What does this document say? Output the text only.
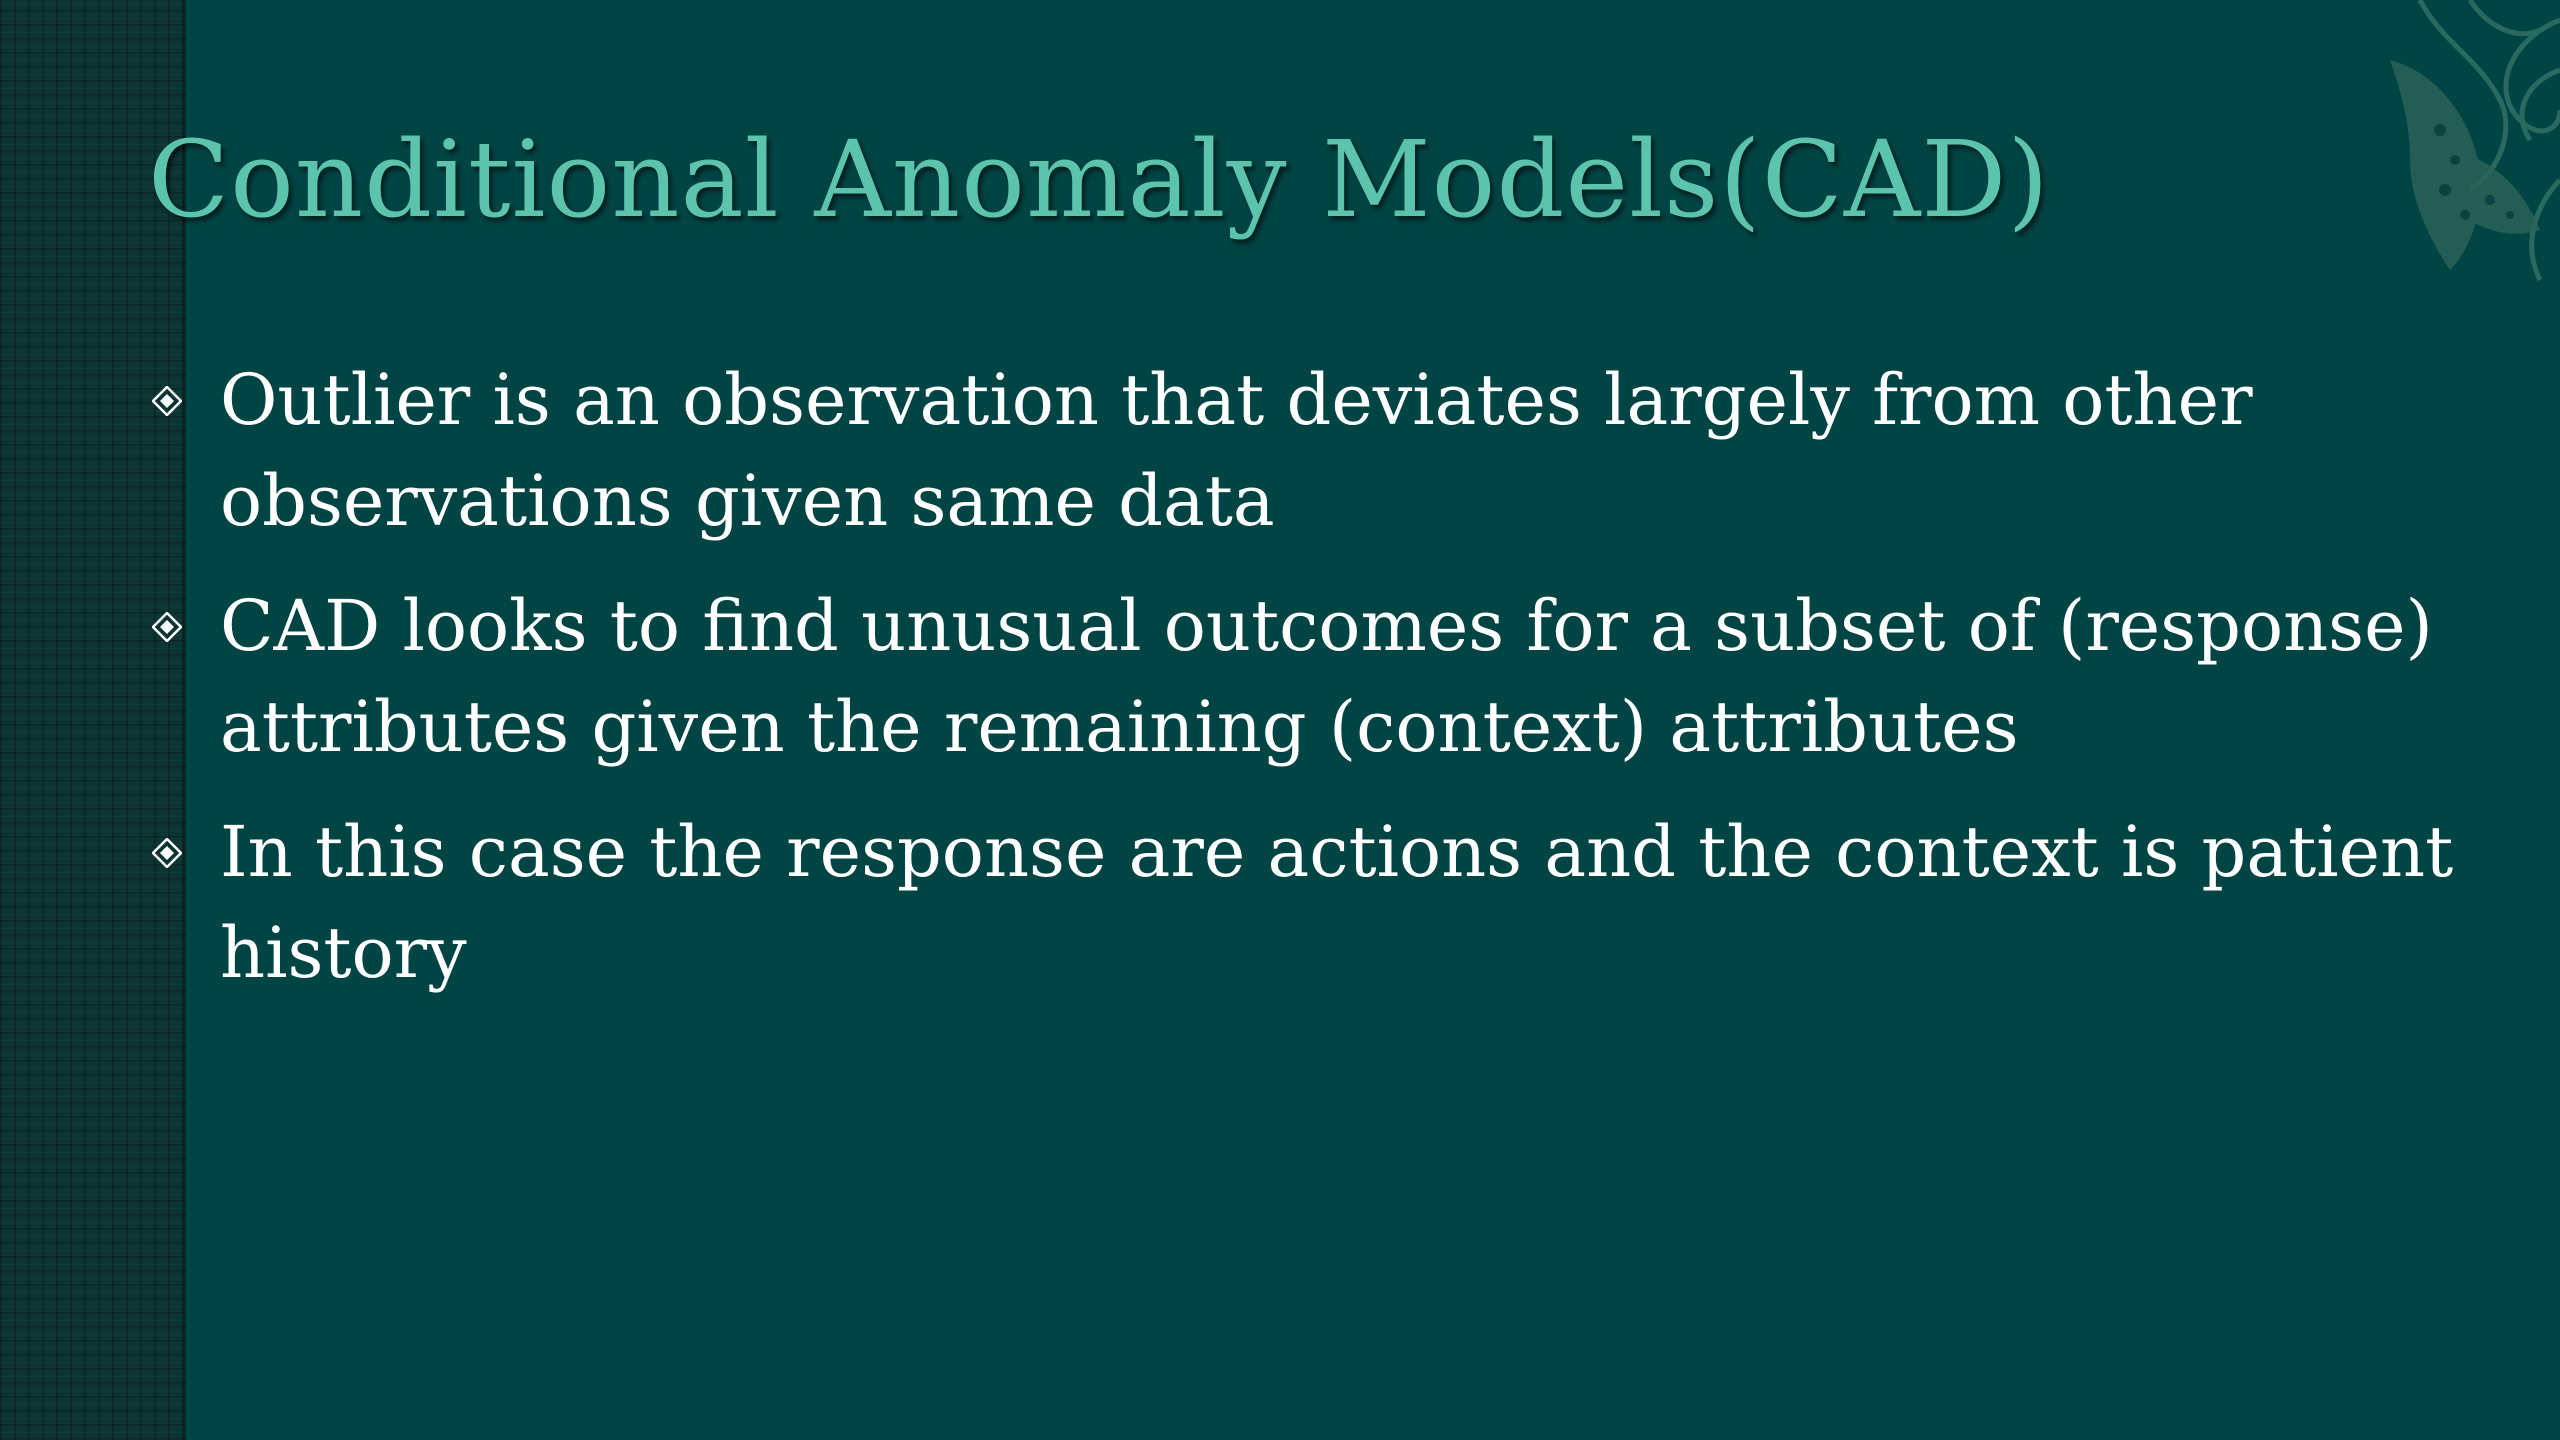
Conditional Anomaly Models(CAD)
Outlier is an observation that deviates largely from other observations given same data
CAD looks to find unusual outcomes for a subset of (response) attributes given the remaining (context) attributes
In this case the response are actions and the context is patient history
